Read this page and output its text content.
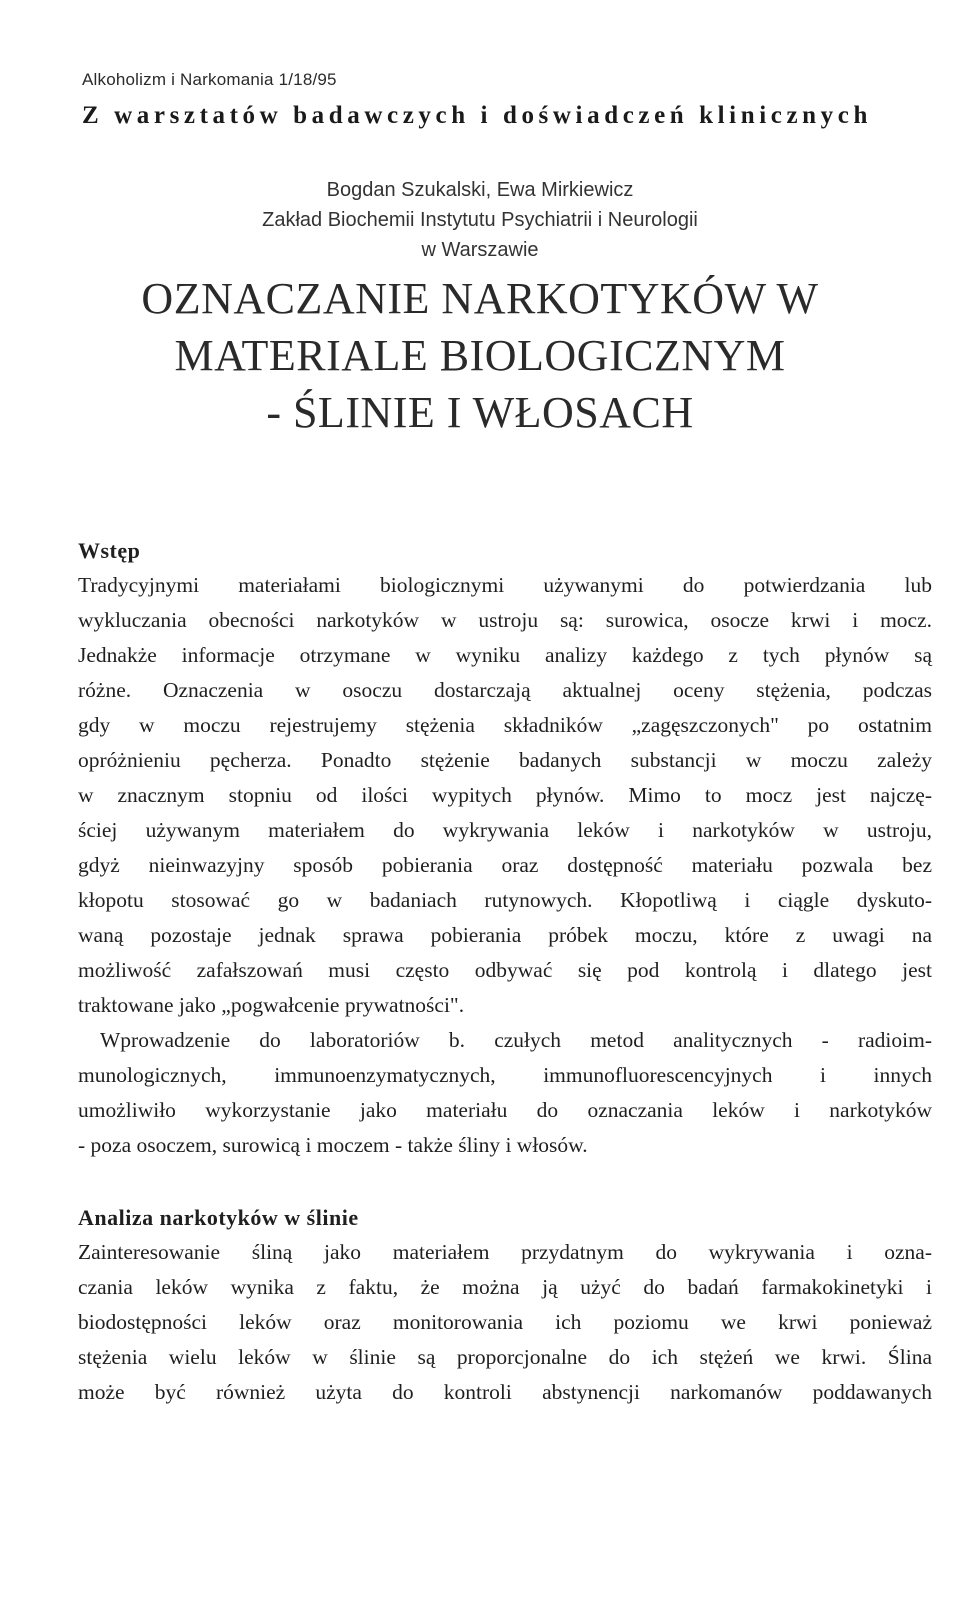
Alkoholizm i Narkomania 1/18/95
Z warsztatów badawczych i doświadczeń klinicznych
Bogdan Szukalski, Ewa Mirkiewicz
Zakład Biochemii Instytutu Psychiatrii i Neurologii
w Warszawie
OZNACZANIE NARKOTYKÓW W
MATERIALE BIOLOGICZNYM
- ŚLINIE I WŁOSACH
Wstęp
Tradycyjnymi materiałami biologicznymi używanymi do potwierdzania lub
wykluczania obecności narkotyków w ustroju są: surowica, osocze krwi i mocz.
Jednakże informacje otrzymane w wyniku analizy każdego z tych płynów są
różne. Oznaczenia w osoczu dostarczają aktualnej oceny stężenia, podczas
gdy w moczu rejestrujemy stężenia składników „zagęszczonych" po ostatnim
opróżnieniu pęcherza. Ponadto stężenie badanych substancji w moczu zależy
w znacznym stopniu od ilości wypitych płynów. Mimo to mocz jest najczę-
ściej używanym materiałem do wykrywania leków i narkotyków w ustroju,
gdyż nieinwazyjny sposób pobierania oraz dostępność materiału pozwala bez
kłopotu stosować go w badaniach rutynowych. Kłopotliwą i ciągle dyskuto-
waną pozostaje jednak sprawa pobierania próbek moczu, które z uwagi na
możliwość zafałszowań musi często odbywać się pod kontrolą i dlatego jest
traktowane jako „pogwałcenie prywatności".
Wprowadzenie do laboratoriów b. czułych metod analitycznych - radioim-
munologicznych, immunoenzymatycznych, immunofluorescencyjnych i innych
umożliwiło wykorzystanie jako materiału do oznaczania leków i narkotyków
- poza osoczem, surowicą i moczem - także śliny i włosów.
Analiza narkotyków w ślinie
Zainteresowanie śliną jako materiałem przydatnym do wykrywania i ozna-
czania leków wynika z faktu, że można ją użyć do badań farmakokinetyki i
biodostępności leków oraz monitorowania ich poziomu we krwi ponieważ
stężenia wielu leków w ślinie są proporcjonalne do ich stężeń we krwi. Ślina
może być również użyta do kontroli abstynencji narkomanów poddawanych
